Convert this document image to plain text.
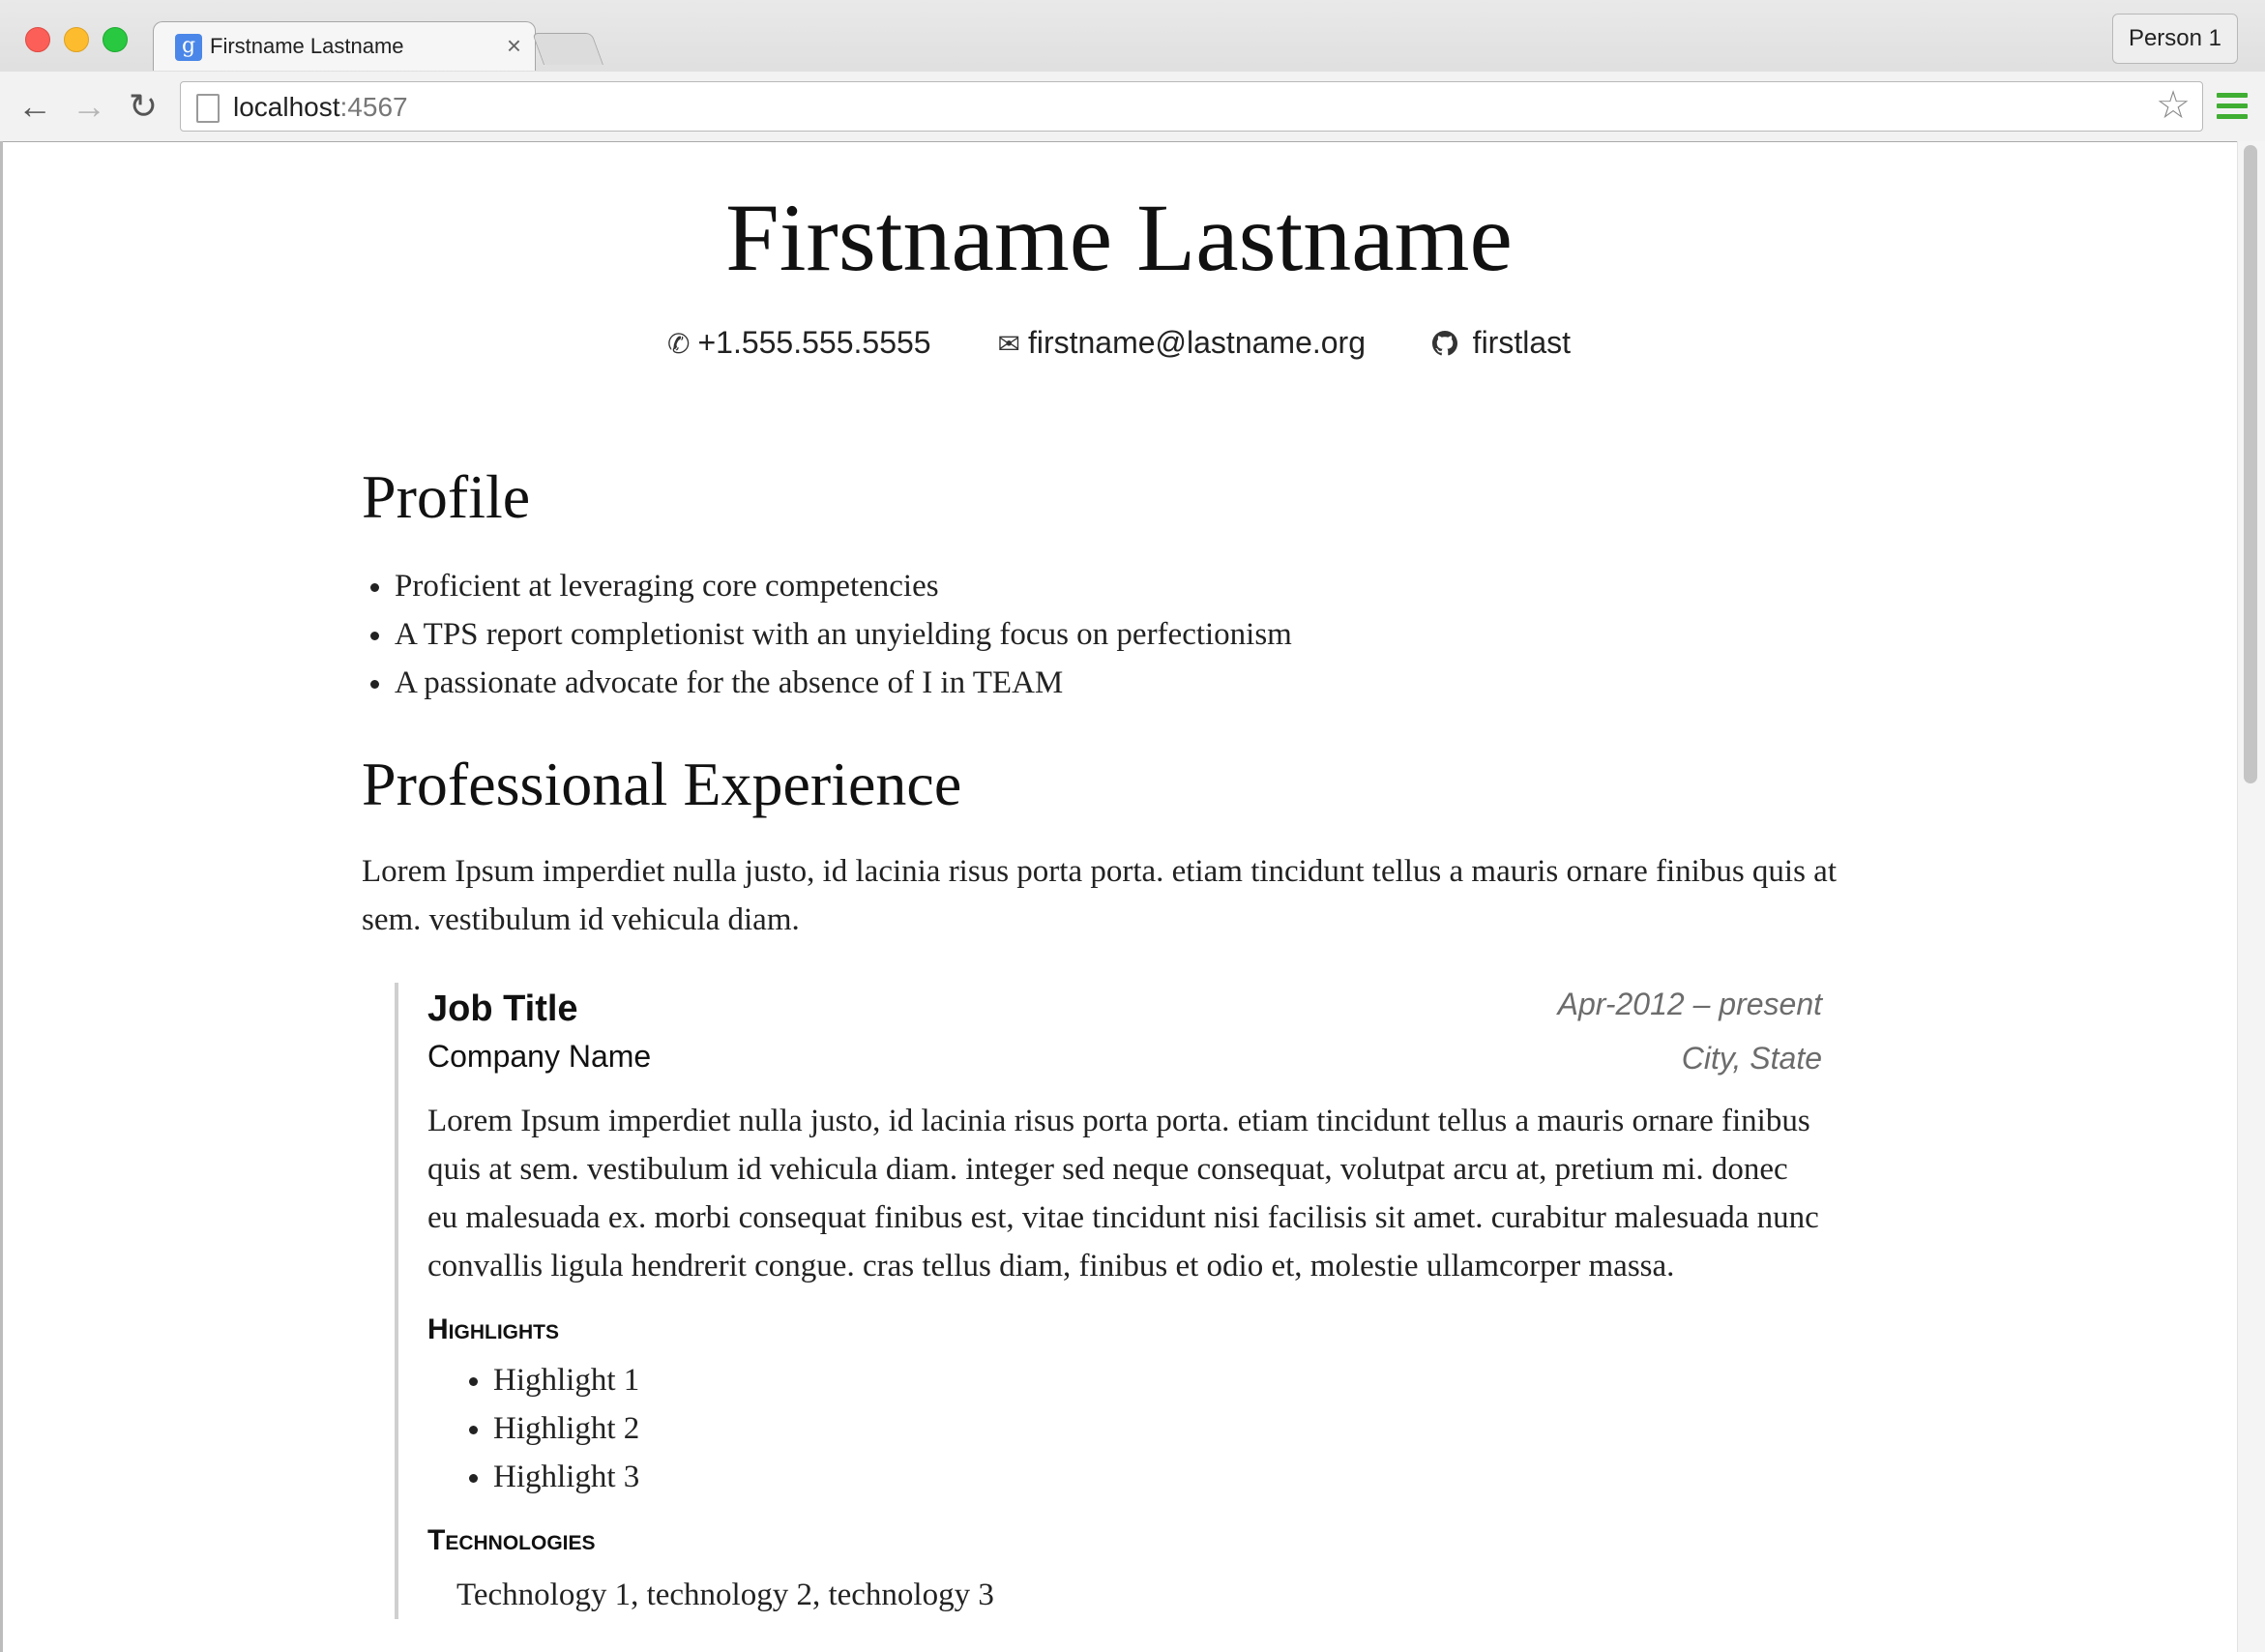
g Firstname Lastname	×	Person 1
← → ↻	localhost:4567	☆
Firstname Lastname
✆ +1.555.555.5555 ✉ firstname@lastname.org	firstlast
Profile
• Proficient at leveraging core competencies
• A TPS report completionist with an unyielding focus on perfectionism
• A passionate advocate for the absence of I in TEAM
Professional Experience

Lorem Ipsum imperdiet nulla justo, id lacinia risus porta porta. etiam tincidunt tellus a mauris ornare finibus quis at sem. vestibulum id vehicula diam.

Job Title
Company Name
Apr-2012 – present
City, State

Lorem Ipsum imperdiet nulla justo, id lacinia risus porta porta. etiam tincidunt tellus a mauris ornare finibus quis at sem. vestibulum id vehicula diam. integer sed neque consequat, volutpat arcu at, pretium mi. donec eu malesuada ex. morbi consequat finibus est, vitae tincidunt nisi facilisis sit amet. curabitur malesuada nunc convallis ligula hendrerit congue. cras tellus diam, finibus et odio et, molestie ullamcorper massa.

Highlights
• Highlight 1
• Highlight 2
• Highlight 3
Technologies
Technology 1, technology 2, technology 3
